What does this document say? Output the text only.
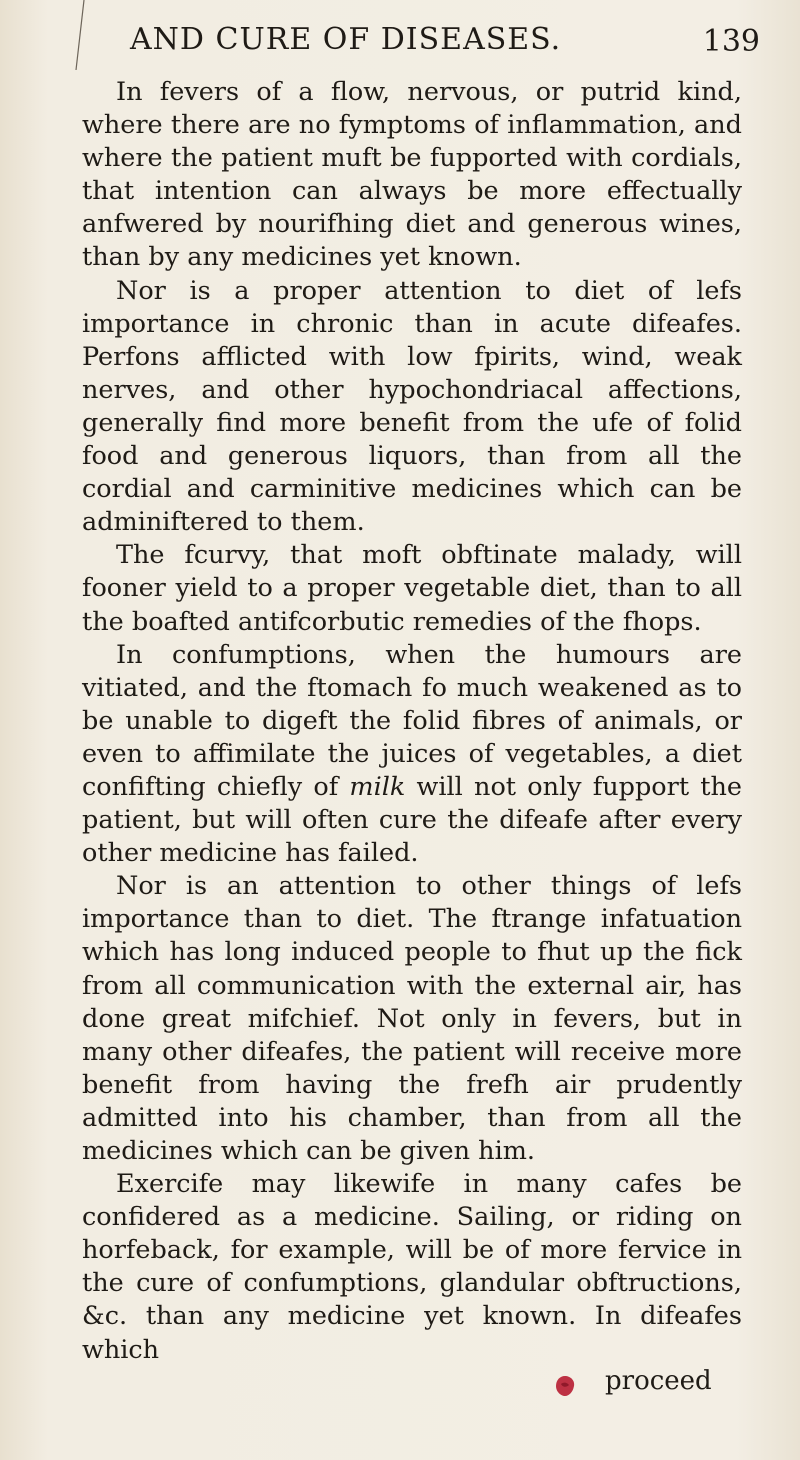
AND CURE OF DISEASES.	139

In fevers of a flow, nervous, or putrid kind, where there are no fymptoms of inflammation, and where the patient muft be fupported with cordials, that intention can always be more effectually anfwered by nourifhing diet and generous wines, than by any medicines yet known.

Nor is a proper attention to diet of lefs importance in chronic than in acute difeafes. Perfons afflicted with low fpirits, wind, weak nerves, and other hypochondriacal affections, generally find more benefit from the ufe of folid food and generous liquors, than from all the cordial and carminitive medicines which can be adminiftered to them.

The fcurvy, that moft obftinate malady, will fooner yield to a proper vegetable diet, than to all the boafted antifcorbutic remedies of the fhops.

In confumptions, when the humours are vitiated, and the ftomach fo much weakened as to be unable to digeft the folid fibres of animals, or even to affimilate the juices of vegetables, a diet confifting chiefly of milk will not only fupport the patient, but will often cure the difeafe after every other medicine has failed.

Nor is an attention to other things of lefs importance than to diet. The ftrange infatuation which has long induced people to fhut up the fick from all communication with the external air, has done great mifchief. Not only in fevers, but in many other difeafes, the patient will receive more benefit from having the frefh air prudently admitted into his chamber, than from all the medicines which can be given him.

Exercife may likewife in many cafes be confidered as a medicine. Sailing, or riding on horfeback, for example, will be of more fervice in the cure of confumptions, glandular obftructions, &c. than any medicine yet known. In difeafes which

proceed
